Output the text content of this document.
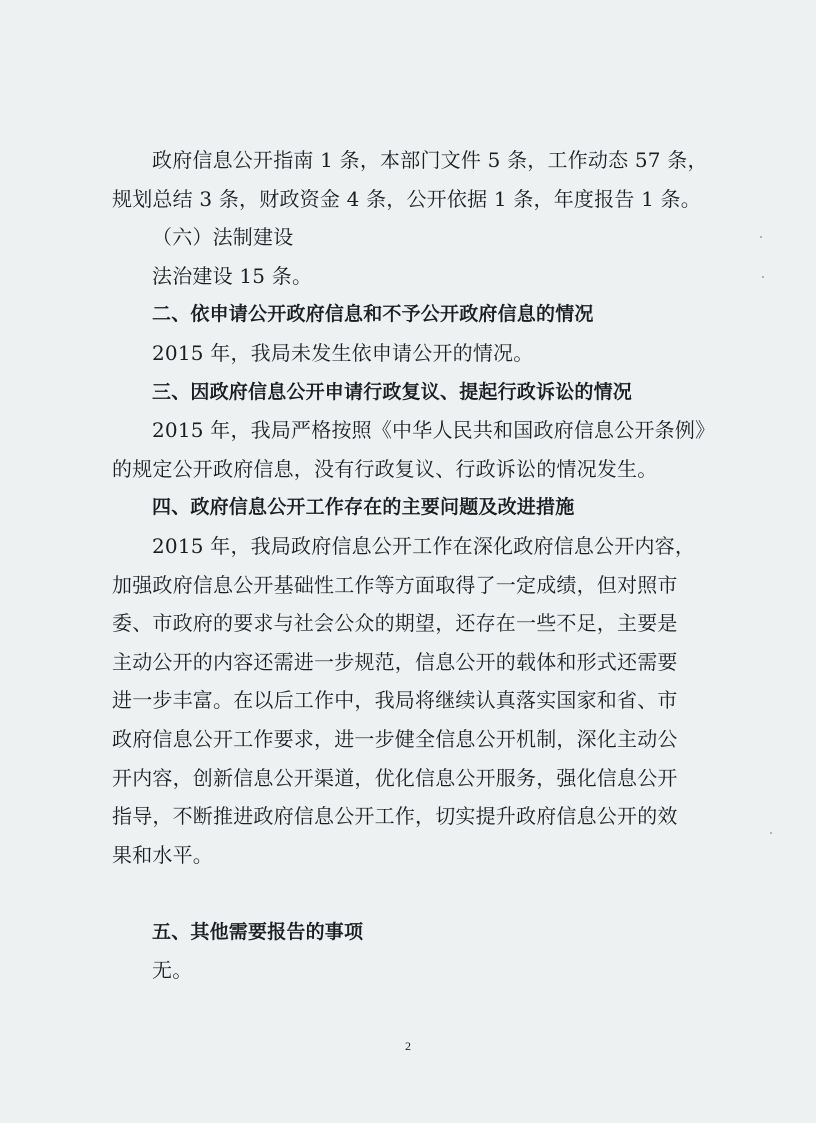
政府信息公开指南 1 条，本部门文件 5 条，工作动态 57 条，
规划总结 3 条，财政资金 4 条，公开依据 1 条，年度报告 1 条。
（六）法制建设
法治建设 15 条。
二、依申请公开政府信息和不予公开政府信息的情况
2015 年，我局未发生依申请公开的情况。
三、因政府信息公开申请行政复议、提起行政诉讼的情况
2015 年，我局严格按照《中华人民共和国政府信息公开条例》
的规定公开政府信息，没有行政复议、行政诉讼的情况发生。
四、政府信息公开工作存在的主要问题及改进措施
2015 年，我局政府信息公开工作在深化政府信息公开内容，
加强政府信息公开基础性工作等方面取得了一定成绩，但对照市
委、市政府的要求与社会公众的期望，还存在一些不足，主要是
主动公开的内容还需进一步规范，信息公开的载体和形式还需要
进一步丰富。在以后工作中，我局将继续认真落实国家和省、市
政府信息公开工作要求，进一步健全信息公开机制，深化主动公
开内容，创新信息公开渠道，优化信息公开服务，强化信息公开
指导，不断推进政府信息公开工作，切实提升政府信息公开的效
果和水平。
五、其他需要报告的事项
无。
2
